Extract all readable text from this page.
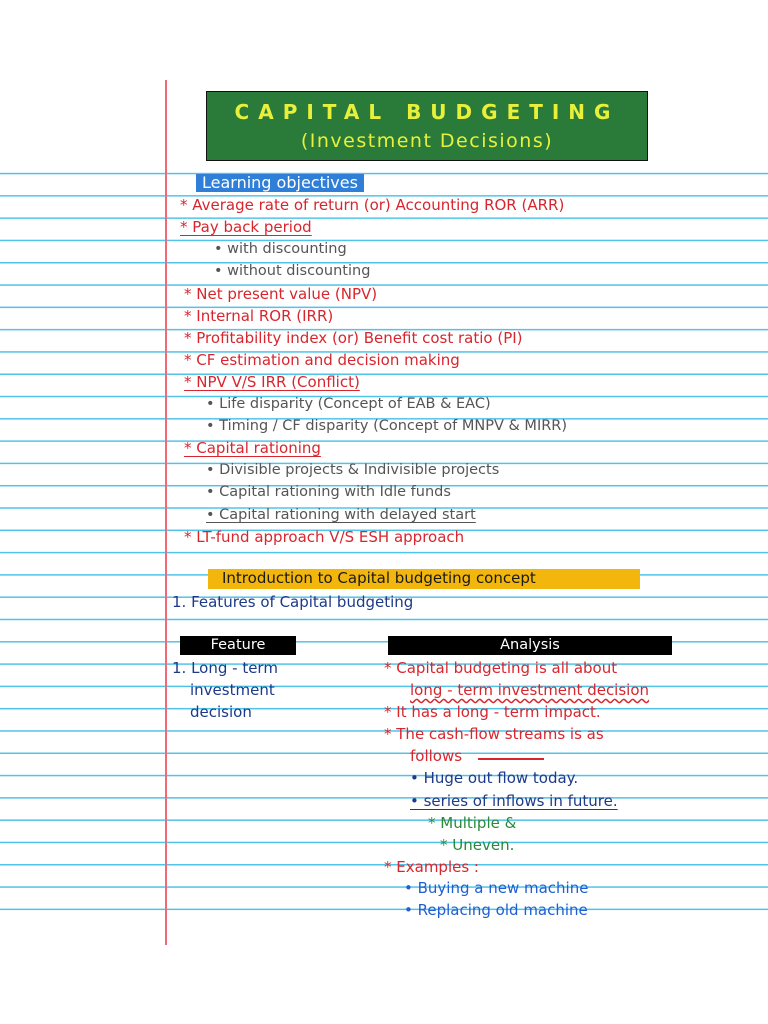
CAPITAL BUDGETING
(Investment Decisions)
Learning objectives
* Average rate of return (or) Accounting ROR (ARR)
* Pay back period
• with discounting
• without discounting
* Net present value (NPV)
* Internal ROR (IRR)
* Profitability index (or) Benefit cost ratio (PI)
* CF estimation and decision making
* NPV V/S IRR (Conflict)
• Life disparity (Concept of EAB & EAC)
• Timing / CF disparity (Concept of MNPV & MIRR)
* Capital rationing
• Divisible projects & Indivisible projects
• Capital rationing with Idle funds
• Capital rationing with delayed start
* LT-fund approach V/S ESH approach
Introduction to Capital budgeting concept
1. Features of Capital budgeting
Feature	Analysis
1. Long - term
investment
decision
* Capital budgeting is all about
long - term investment decision
* It has a long - term impact.
* The cash-flow streams is as
follows
• Huge out flow today.
• series of inflows in future.
* Multiple &
* Uneven.
* Examples :
• Buying a new machine
• Replacing old machine
